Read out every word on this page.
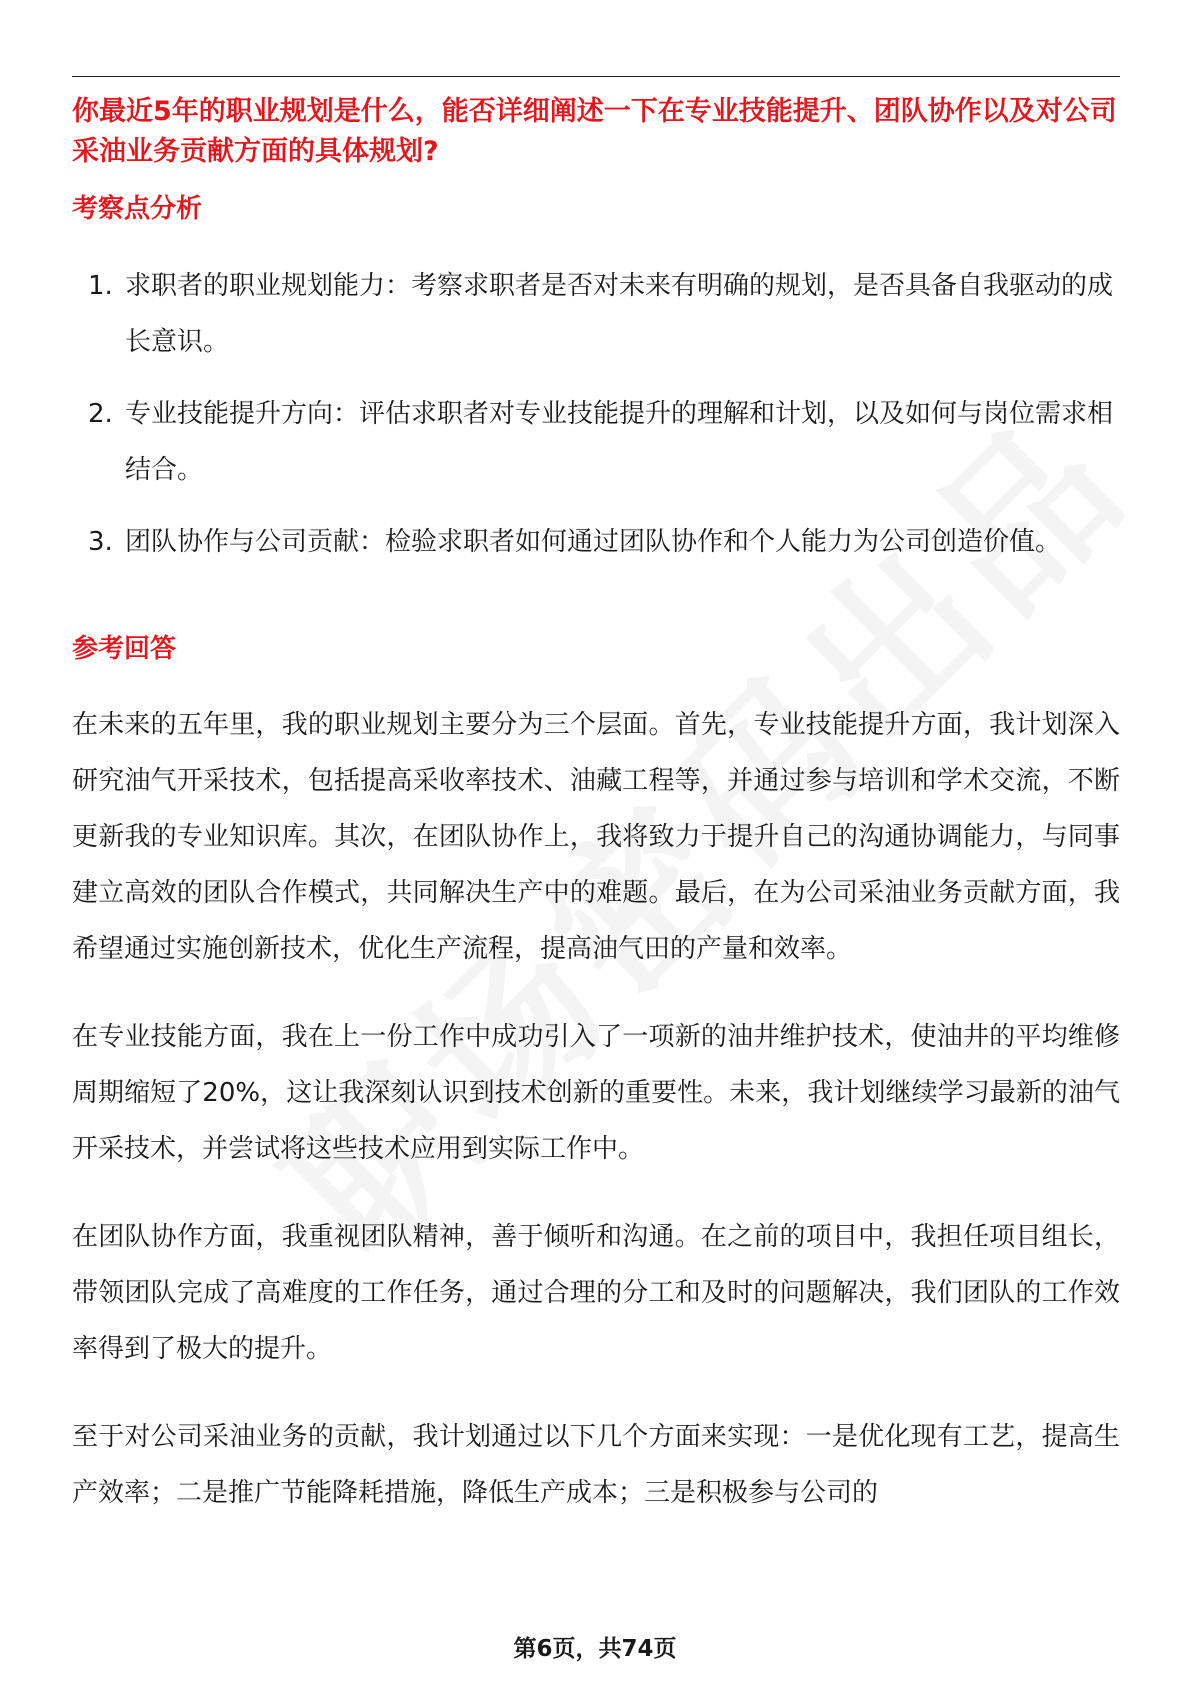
你最近5年的职业规划是什么，能否详细阐述一下在专业技能提升、团队协作以及对公司采油业务贡献方面的具体规划?
考察点分析
1. 求职者的职业规划能力：考察求职者是否对未来有明确的规划，是否具备自我驱动的成长意识。
2. 专业技能提升方向：评估求职者对专业技能提升的理解和计划，以及如何与岗位需求相结合。
3. 团队协作与公司贡献：检验求职者如何通过团队协作和个人能力为公司创造价值。
参考回答

在未来的五年里，我的职业规划主要分为三个层面。首先，专业技能提升方面，我计划深入研究油气开采技术，包括提高采收率技术、油藏工程等，并通过参与培训和学术交流，不断更新我的专业知识库。其次，在团队协作上，我将致力于提升自己的沟通协调能力，与同事建立高效的团队合作模式，共同解决生产中的难题。最后，在为公司采油业务贡献方面，我希望通过实施创新技术，优化生产流程，提高油气田的产量和效率。

在专业技能方面，我在上一份工作中成功引入了一项新的油井维护技术，使油井的平均维修周期缩短了20%，这让我深刻认识到技术创新的重要性。未来，我计划继续学习最新的油气开采技术，并尝试将这些技术应用到实际工作中。

在团队协作方面，我重视团队精神，善于倾听和沟通。在之前的项目中，我担任项目组长，带领团队完成了高难度的工作任务，通过合理的分工和及时的问题解决，我们团队的工作效率得到了极大的提升。

至于对公司采油业务的贡献，我计划通过以下几个方面来实现：一是优化现有工艺，提高生产效率；二是推广节能降耗措施，降低生产成本；三是积极参与公司的

第6页，共74页
